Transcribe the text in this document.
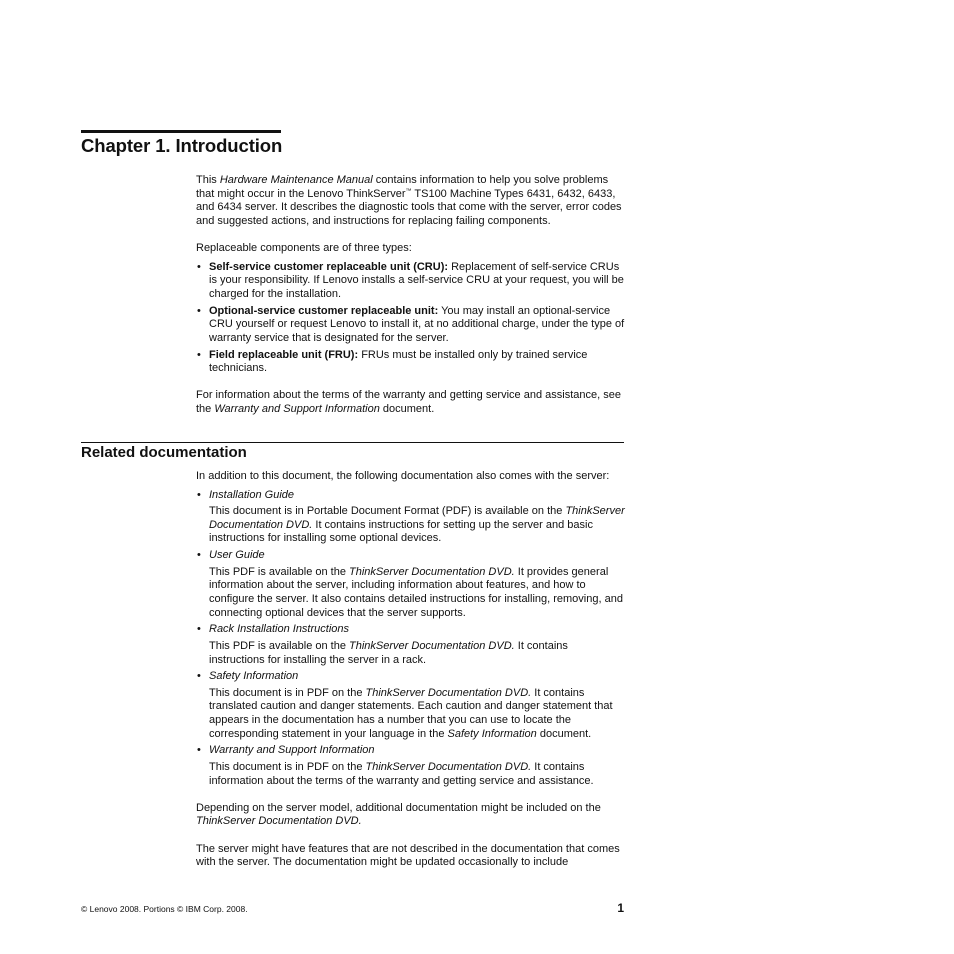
Chapter 1. Introduction

This Hardware Maintenance Manual contains information to help you solve problems that might occur in the Lenovo ThinkServer™ TS100 Machine Types 6431, 6432, 6433, and 6434 server. It describes the diagnostic tools that come with the server, error codes and suggested actions, and instructions for replacing failing components.

Replaceable components are of three types:

• Self-service customer replaceable unit (CRU): Replacement of self-service CRUs is your responsibility. If Lenovo installs a self-service CRU at your request, you will be charged for the installation.
• Optional-service customer replaceable unit: You may install an optional-service CRU yourself or request Lenovo to install it, at no additional charge, under the type of warranty service that is designated for the server.
• Field replaceable unit (FRU): FRUs must be installed only by trained service technicians.

For information about the terms of the warranty and getting service and assistance, see the Warranty and Support Information document.

Related documentation

In addition to this document, the following documentation also comes with the server:

• Installation Guide
This document is in Portable Document Format (PDF) is available on the ThinkServer Documentation DVD. It contains instructions for setting up the server and basic instructions for installing some optional devices.
• User Guide
This PDF is available on the ThinkServer Documentation DVD. It provides general information about the server, including information about features, and how to configure the server. It also contains detailed instructions for installing, removing, and connecting optional devices that the server supports.
• Rack Installation Instructions
This PDF is available on the ThinkServer Documentation DVD. It contains instructions for installing the server in a rack.
• Safety Information
This document is in PDF on the ThinkServer Documentation DVD. It contains translated caution and danger statements. Each caution and danger statement that appears in the documentation has a number that you can use to locate the corresponding statement in your language in the Safety Information document.
• Warranty and Support Information
This document is in PDF on the ThinkServer Documentation DVD. It contains information about the terms of the warranty and getting service and assistance.

Depending on the server model, additional documentation might be included on the ThinkServer Documentation DVD.

The server might have features that are not described in the documentation that comes with the server. The documentation might be updated occasionally to include

© Lenovo 2008. Portions © IBM Corp. 2008.	1
